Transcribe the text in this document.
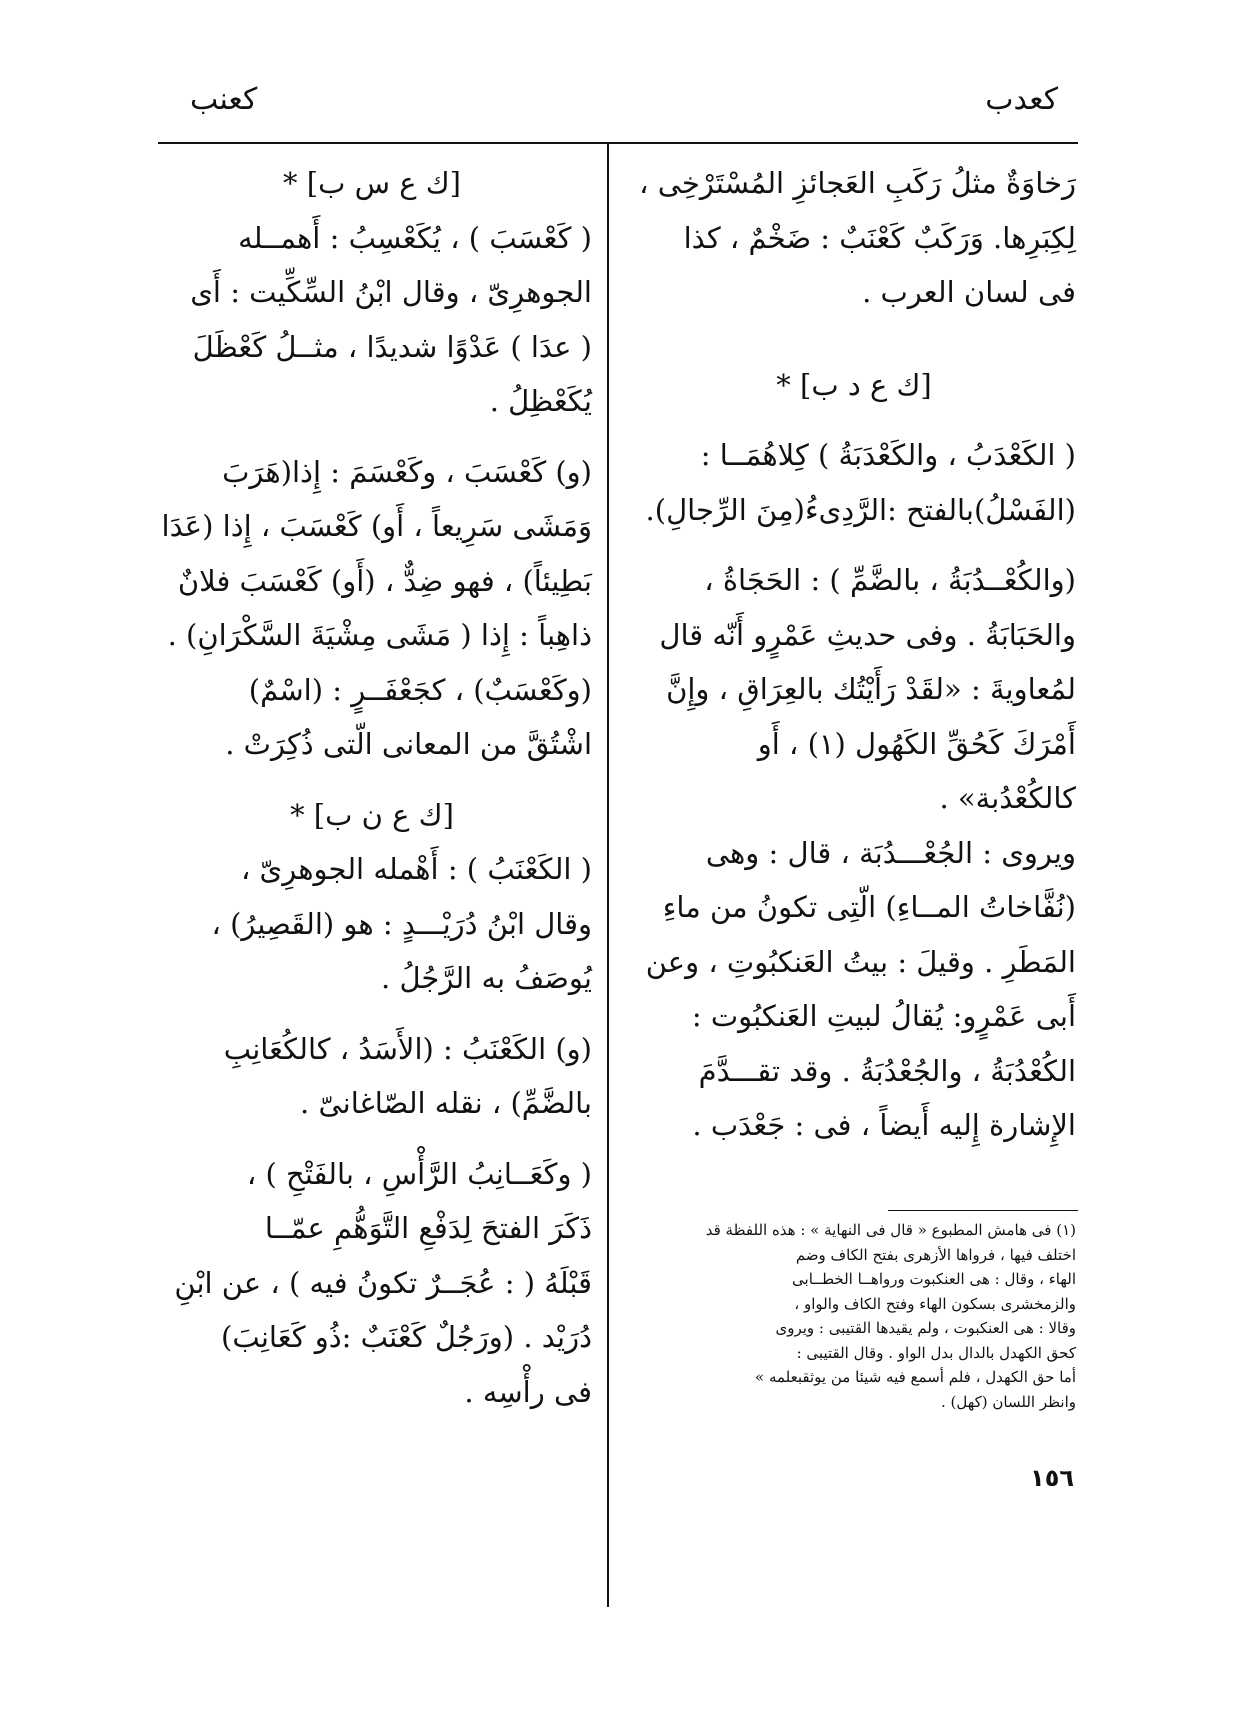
كعدب
كعنب

رَخاوَةٌ مثلُ رَكَبِ العَجائزِ المُسْتَرْخِى ،

لِكِبَرِها. وَرَكَبٌ كَعْنَبٌ : ضَخْمٌ ، كذا

فى لسان العرب .

[ك ع د ب] *

( الكَعْدَبُ ، والكَعْدَبَةُ ) كِلاهُمَــا :

(الفَسْلُ)بالفتح :الرَّدِىءُ(مِنَ الرِّجالِ).

(والكُعْــدُبَةُ ، بالضَّمِّ ) : الحَجَاةُ ،

والحَبَابَةُ . وفى حديثِ عَمْرٍو أَنّه قال

لمُعاويةَ : «لقَدْ رَأَيْتُك بالعِرَاقِ ، وإِنَّ

أَمْرَكَ كَحُقِّ الكَهُول (١) ، أَو كالكُعْدُبة» .

ويروى : الجُعْـــدُبَة ، قال : وهى

(نُفَّاخاتُ المــاءِ) الّتِى تكونُ من ماءِ

المَطَرِ . وقيلَ : بيتُ العَنكبُوتِ ، وعن

أَبى عَمْرٍو: يُقالُ لبيتِ العَنكبُوت :

الكُعْدُبَةُ ، والجُعْدُبَةُ . وقد تقـــدَّمَ

الإِشارة إِليه أَيضاً ، فى : جَعْدَب .

(١) فى هامش المطبوع « قال فى النهاية » : هذه اللفظة قد

اختلف فيها ، فرواها الأزهرى بفتح الكاف وضم

الهاء ، وقال : هى العنكبوت ورواهــا الخطــابى

والزمخشرى بسكون الهاء وفتح الكاف والواو ،

وقالا : هى العنكبوت ، ولم يقيدها القتيبى : ويروى

كحق الكهدل بالدال بدل الواو . وقال القتيبى :

أما حق الكهدل ، فلم أسمع فيه شيئا من يوثقبعلمه »

وانظر اللسان (كهل) .

١٥٦

[ك ع س ب] *

( كَعْسَبَ ) ، يُكَعْسِبُ : أَهمــله

الجوهرِىّ ، وقال ابْنُ السِّكِّيت : أَى

( عدَا ) عَدْوًا شديدًا ، مثــلُ كَعْظَلَ

يُكَعْظِلُ .

(و) كَعْسَبَ ، وكَعْسَمَ : إِذا(هَرَبَ

وَمَشَى سَرِيعاً ، أَو) كَعْسَبَ ، إِذا (عَدَا

بَطِيئاً) ، فهو ضِدٌّ ، (أَو) كَعْسَبَ فلانٌ

ذاهِباً : إِذا ( مَشَى مِشْيَةَ السَّكْرَانِ) .

(وكَعْسَبٌ) ، كجَعْفَــرٍ : (اسْمٌ)

اشْتُقَّ من المعانى الّتى ذُكِرَتْ .

[ك ع ن ب] *

( الكَعْنَبُ ) : أَهْمله الجوهرِىّ ،

وقال ابْنُ دُرَيْـــدٍ : هو (القَصِيرُ) ،

يُوصَفُ به الرَّجُلُ .

(و) الكَعْنَبُ : (الأَسَدُ ، كالكُعَانِبِ

بالضَّمِّ) ، نقله الصّاغانىّ .

( وكَعَــانِبُ الرَّأْسِ ، بالفَتْحِ ) ،

ذَكَرَ الفتحَ لِدَفْعِ التَّوَهُّمِ عمّــا

قَبْلَهُ ( : عُجَــرٌ تكونُ فيه ) ، عن ابْنِ

دُرَيْد . (ورَجُلٌ كَعْنَبٌ :ذُو كَعَانِبَ)

فى رأْسِه .
